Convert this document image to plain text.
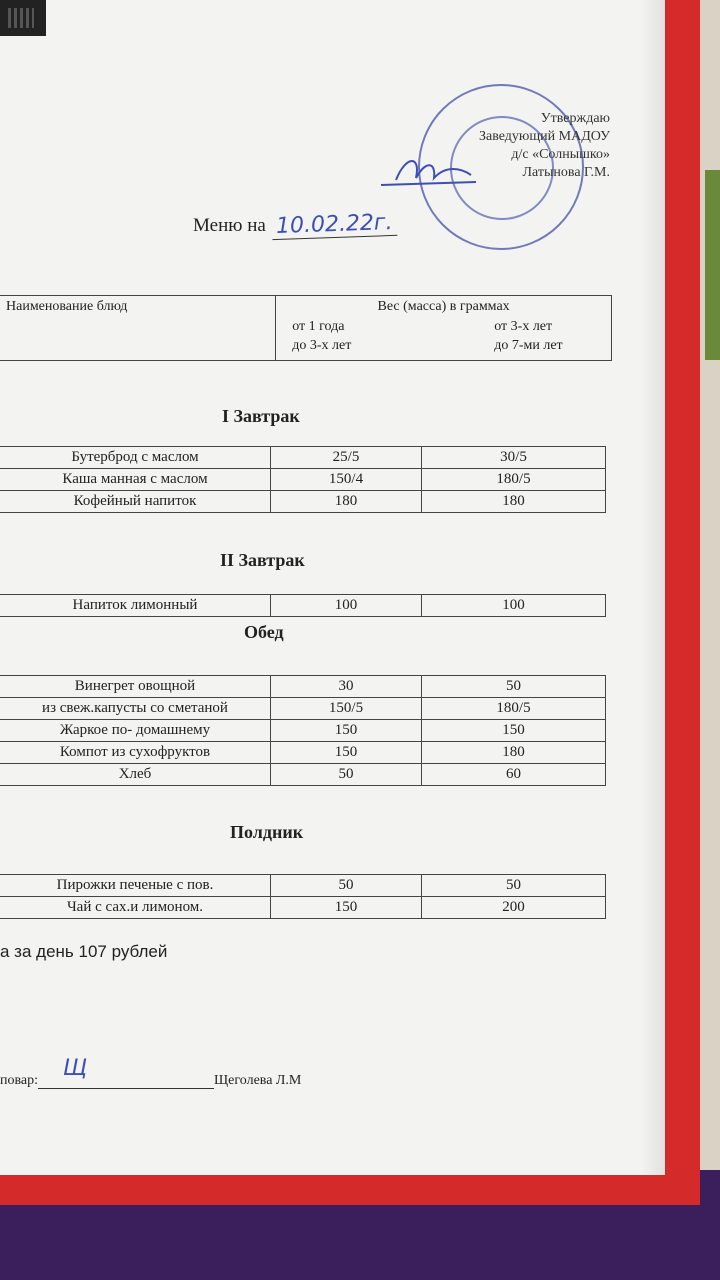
Утверждаю
Заведующий МАДОУ
д/с «Солнышко»
Латынова Г.М.
Меню на 10.02.22г.
Наименование блюд	Вес (масса) в граммах
от 1 года
до 3-х лет
от 3-х лет
до 7-ми лет
I Завтрак
Бутерброд с маслом	25/5	30/5
Каша манная с маслом	150/4	180/5
Кофейный напиток	180	180
II Завтрак
Напиток лимонный	100	100
Обед
Винегрет овощной	30	50
из свеж.капусты со сметаной	150/5	180/5
Жаркое по- домашнему	150	150
Компот из сухофруктов	150	180
Хлеб	50	60
Полдник
Пирожки печеные с пов.	50	50
Чай с сах.и лимоном.	150	200
а за день 107 рублей
повар: Щ	Щеголева Л.М
